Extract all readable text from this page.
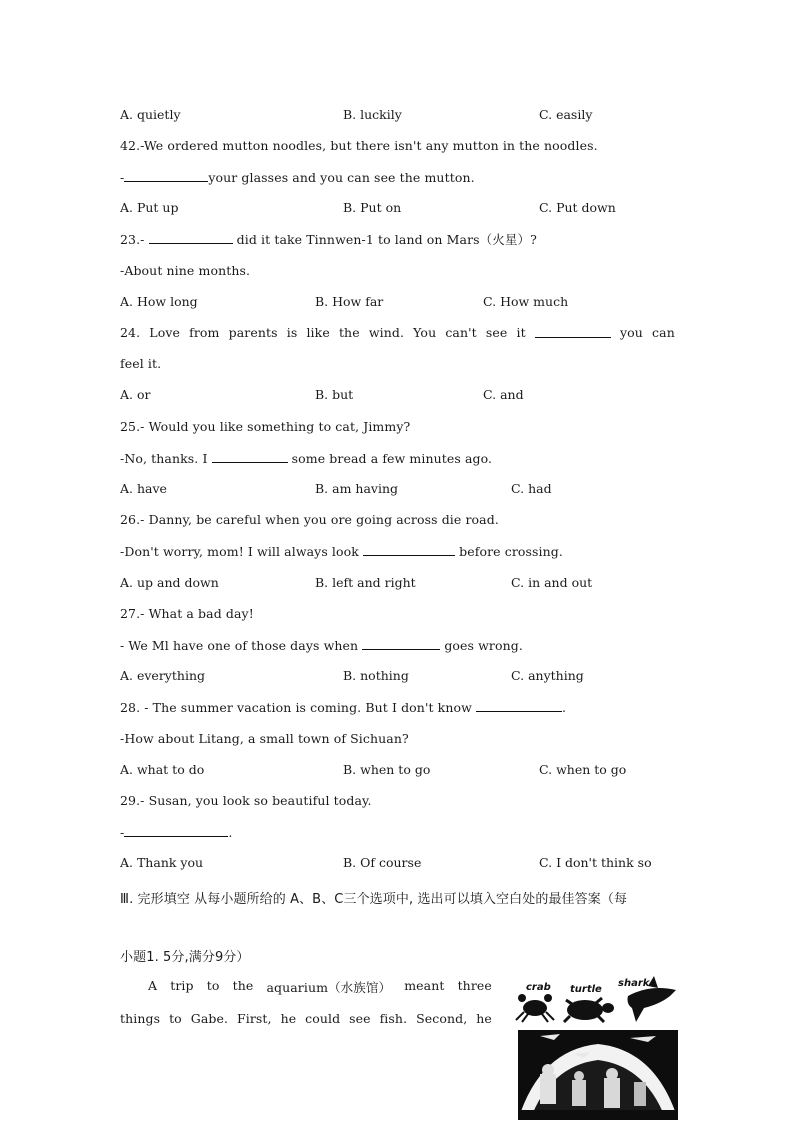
A. quietly	B. luckily	C. easily
42.-We ordered mutton noodles, but there isn't any mutton in the noodles.
-	your glasses and you can see the mutton.
A. Put up	B. Put on	C. Put down
23.-	did it take Tinnwen-1 to land on Mars（火星）?
-About nine months.
A. How long	B. How far	C. How much
24. Love from parents is like the wind. You can't see it	you can
feel it.
A. or	B. but	C. and
25.- Would you like something to cat, Jimmy?
-No, thanks. I	some bread a few minutes ago.
A. have	B. am having	C. had
26.- Danny, be careful when you ore going across die road.
-Don't worry, mom! I will always look	before crossing.
A. up and down	B. left and right	C. in and out
27.- What a bad day!
- We Ml have one of those days when	goes wrong.
A. everything	B. nothing	C. anything
28. - The summer vacation is coming. But I don't know	.
-How about Litang, a small town of Sichuan?
A. what to do	B. when to go	C. when to go
29.- Susan, you look so beautiful today.
-	.
A. Thank you	B. Of course	C. I don't think so
Ⅲ. 完形填空 从每小题所给的 A、B、C三个选项中, 选出可以填入空白处的最佳答案（每
小题1. 5分,满分9分）
A trip to the aquarium（水族馆） meant three
things to Gabe. First, he could see fish. Second, he
crab turtle
shark
